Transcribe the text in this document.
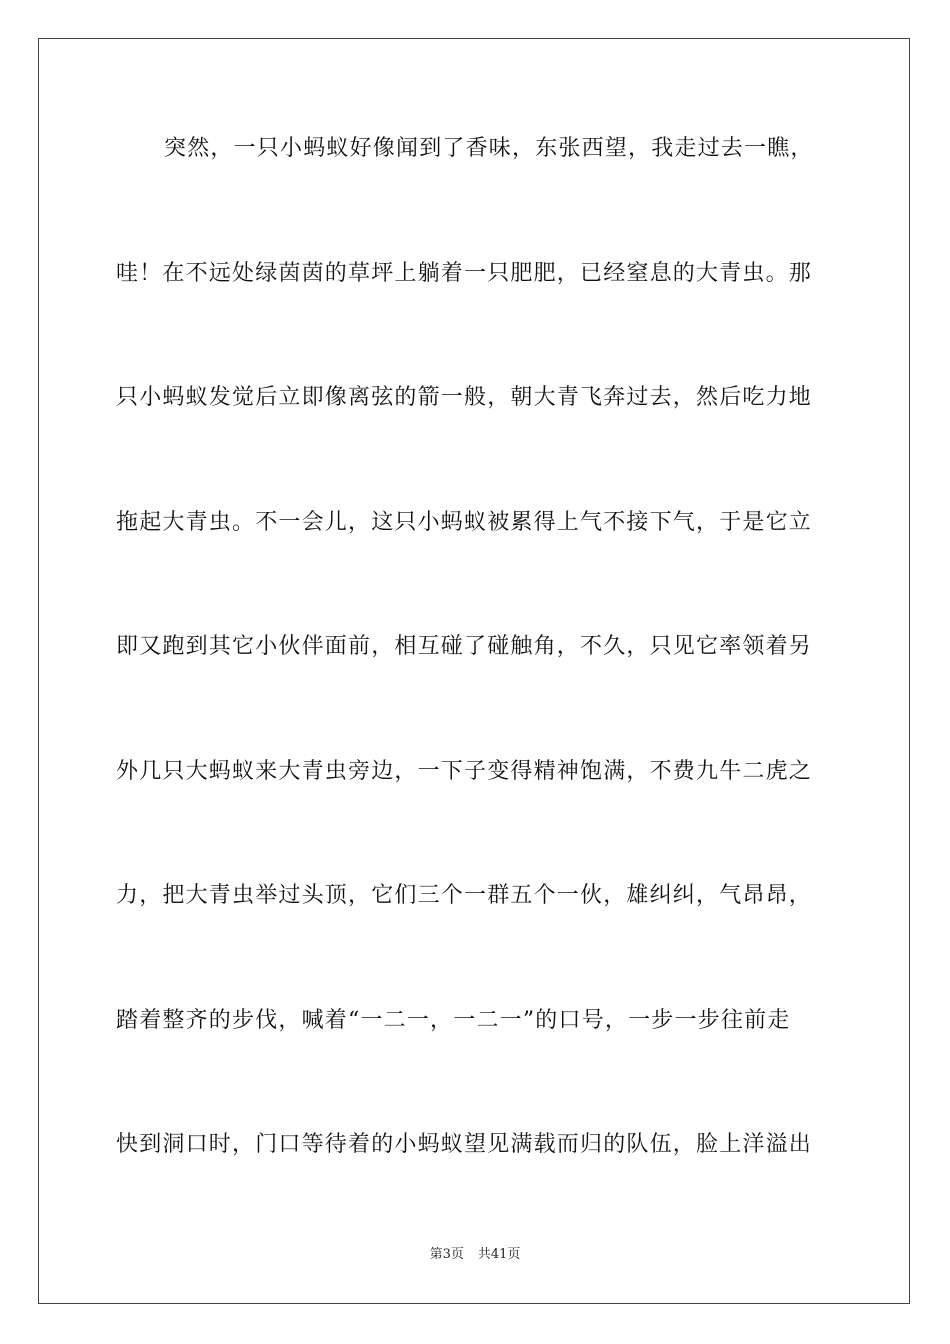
突然，一只小蚂蚁好像闻到了香味，东张西望，我走过去一瞧，
哇！在不远处绿茵茵的草坪上躺着一只肥肥，已经窒息的大青虫。那
只小蚂蚁发觉后立即像离弦的箭一般，朝大青飞奔过去，然后吃力地
拖起大青虫。不一会儿，这只小蚂蚁被累得上气不接下气，于是它立
即又跑到其它小伙伴面前，相互碰了碰触角，不久，只见它率领着另
外几只大蚂蚁来大青虫旁边，一下子变得精神饱满，不费九牛二虎之
力，把大青虫举过头顶，它们三个一群五个一伙，雄纠纠，气昂昂，
踏着整齐的步伐，喊着“一二一，一二一”的口号，一步一步往前走
快到洞口时，门口等待着的小蚂蚁望见满载而归的队伍，脸上洋溢出
第3页 共41页
